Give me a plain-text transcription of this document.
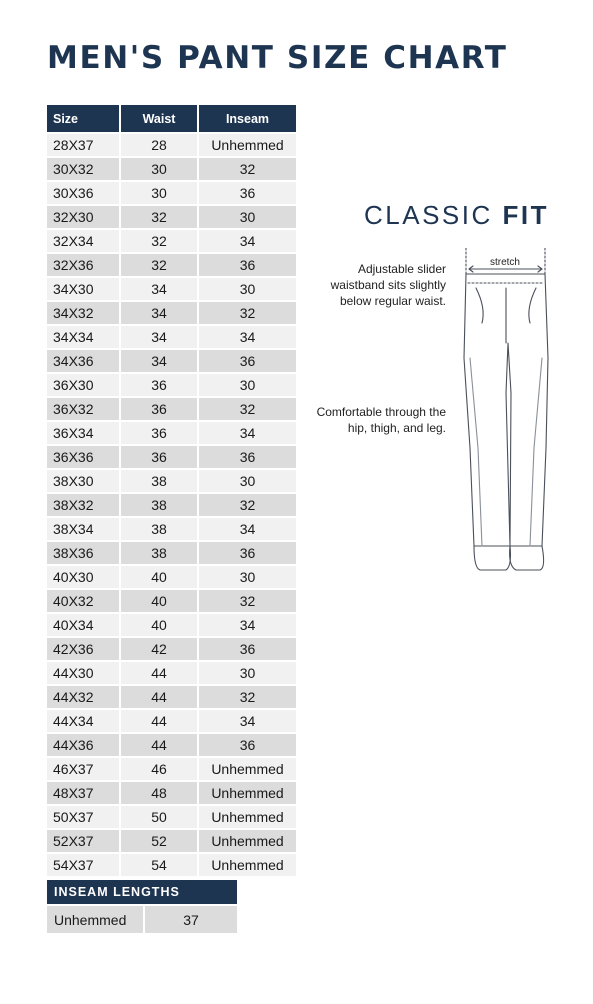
MEN'S PANT SIZE CHART
Size	Waist	Inseam
28X37	28	Unhemmed
30X32	30	32
30X36	30	36
32X30	32	30
32X34	32	34
32X36	32	36
34X30	34	30
34X32	34	32
34X34	34	34
34X36	34	36
36X30	36	30
36X32	36	32
36X34	36	34
36X36	36	36
38X30	38	30
38X32	38	32
38X34	38	34
38X36	38	36
40X30	40	30
40X32	40	32
40X34	40	34
42X36	42	36
44X30	44	30
44X32	44	32
44X34	44	34
44X36	44	36
46X37	46	Unhemmed
48X37	48	Unhemmed
50X37	50	Unhemmed
52X37	52	Unhemmed
54X37	54	Unhemmed
INSEAM LENGTHS
Unhemmed	37
CLASSIC FIT
Adjustable slider
waistband sits slightly
below regular waist.
Comfortable through the
hip, thigh, and leg.
stretch
